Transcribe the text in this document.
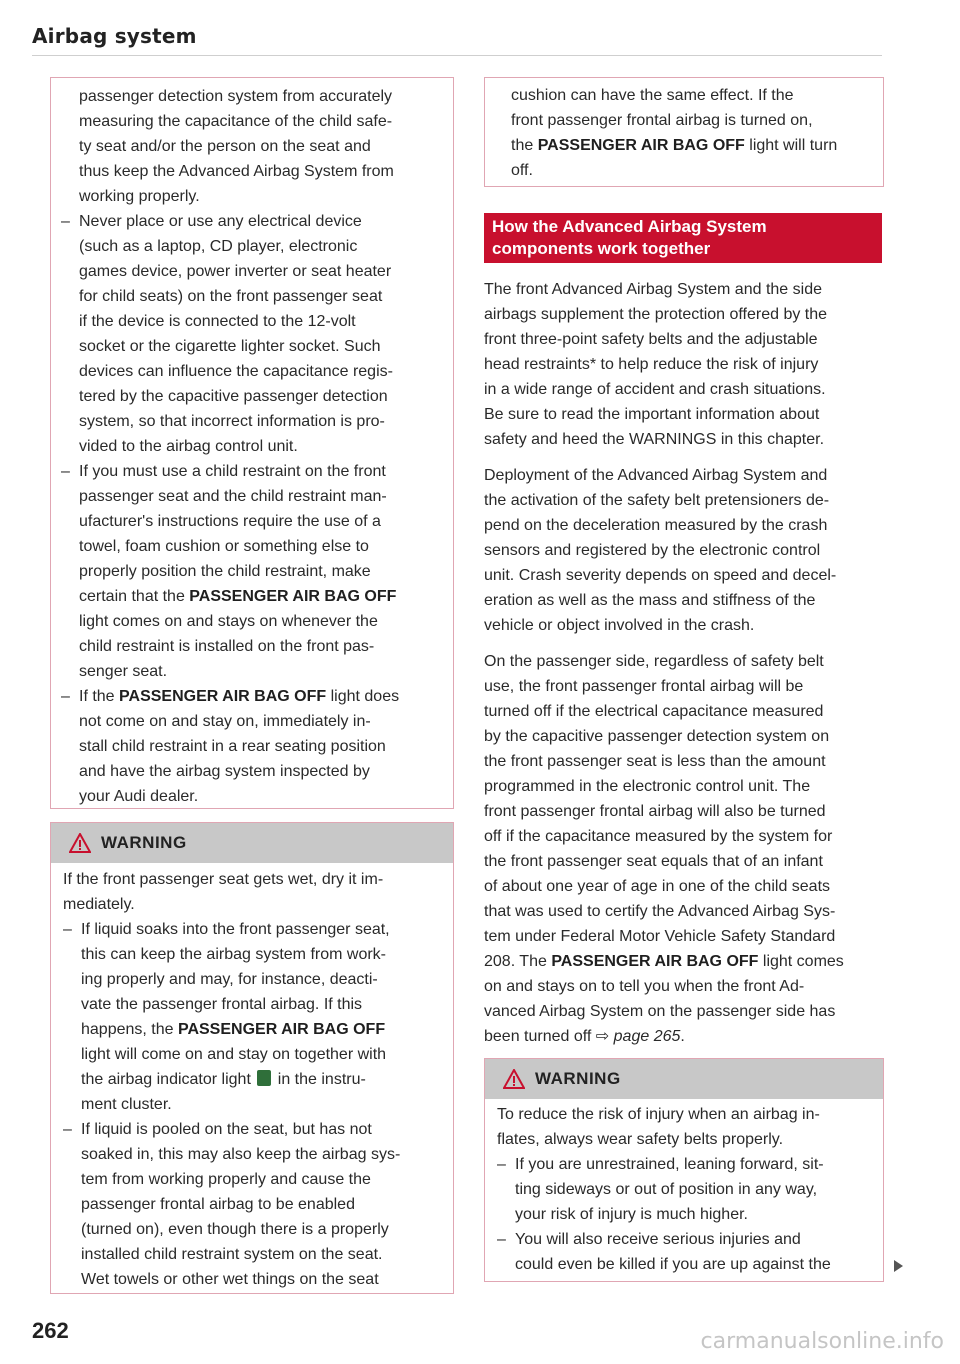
Airbag system

passenger detection system from accurately

measuring the capacitance of the child safe-

ty seat and/or the person on the seat and

thus keep the Advanced Airbag System from

working properly.

– Never place or use any electrical device
(such as a laptop, CD player, electronic
games device, power inverter or seat heater
for child seats) on the front passenger seat
if the device is connected to the 12-volt
socket or the cigarette lighter socket. Such
devices can influence the capacitance regis-
tered by the capacitive passenger detection
system, so that incorrect information is pro-
vided to the airbag control unit.
– If you must use a child restraint on the front
passenger seat and the child restraint man-
ufacturer's instructions require the use of a
towel, foam cushion or something else to
properly position the child restraint, make
certain that the PASSENGER AIR BAG OFF
light comes on and stays on whenever the
child restraint is installed on the front pas-
senger seat.
– If the PASSENGER AIR BAG OFF light does
not come on and stay on, immediately in-
stall child restraint in a rear seating position
and have the airbag system inspected by
your Audi dealer.
WARNING

If the front passenger seat gets wet, dry it im-

mediately.

– If liquid soaks into the front passenger seat,
this can keep the airbag system from work-
ing properly and may, for instance, deacti-
vate the passenger frontal airbag. If this
happens, the PASSENGER AIR BAG OFF
light will come on and stay on together with
the airbag indicator light  in the instru-
ment cluster.
– If liquid is pooled on the seat, but has not
soaked in, this may also keep the airbag sys-
tem from working properly and cause the
passenger frontal airbag to be enabled
(turned on), even though there is a properly
installed child restraint system on the seat.
Wet towels or other wet things on the seat

cushion can have the same effect. If the

front passenger frontal airbag is turned on,

the PASSENGER AIR BAG OFF light will turn

off.

How the Advanced Airbag System
components work together

The front Advanced Airbag System and the side

airbags supplement the protection offered by the

front three-point safety belts and the adjustable

head restraints* to help reduce the risk of injury

in a wide range of accident and crash situations.

Be sure to read the important information about

safety and heed the WARNINGS in this chapter.

Deployment of the Advanced Airbag System and

the activation of the safety belt pretensioners de-

pend on the deceleration measured by the crash

sensors and registered by the electronic control

unit. Crash severity depends on speed and decel-

eration as well as the mass and stiffness of the

vehicle or object involved in the crash.

On the passenger side, regardless of safety belt

use, the front passenger frontal airbag will be

turned off if the electrical capacitance measured

by the capacitive passenger detection system on

the front passenger seat is less than the amount

programmed in the electronic control unit. The

front passenger frontal airbag will also be turned

off if the capacitance measured by the system for

the front passenger seat equals that of an infant

of about one year of age in one of the child seats

that was used to certify the Advanced Airbag Sys-

tem under Federal Motor Vehicle Safety Standard

208. The PASSENGER AIR BAG OFF light comes

on and stays on to tell you when the front Ad-

vanced Airbag System on the passenger side has

been turned off ⇨ page 265.

WARNING

To reduce the risk of injury when an airbag in-

flates, always wear safety belts properly.

– If you are unrestrained, leaning forward, sit-
ting sideways or out of position in any way,
your risk of injury is much higher.
– You will also receive serious injuries and
could even be killed if you are up against the
262	carmanualsonline.info
